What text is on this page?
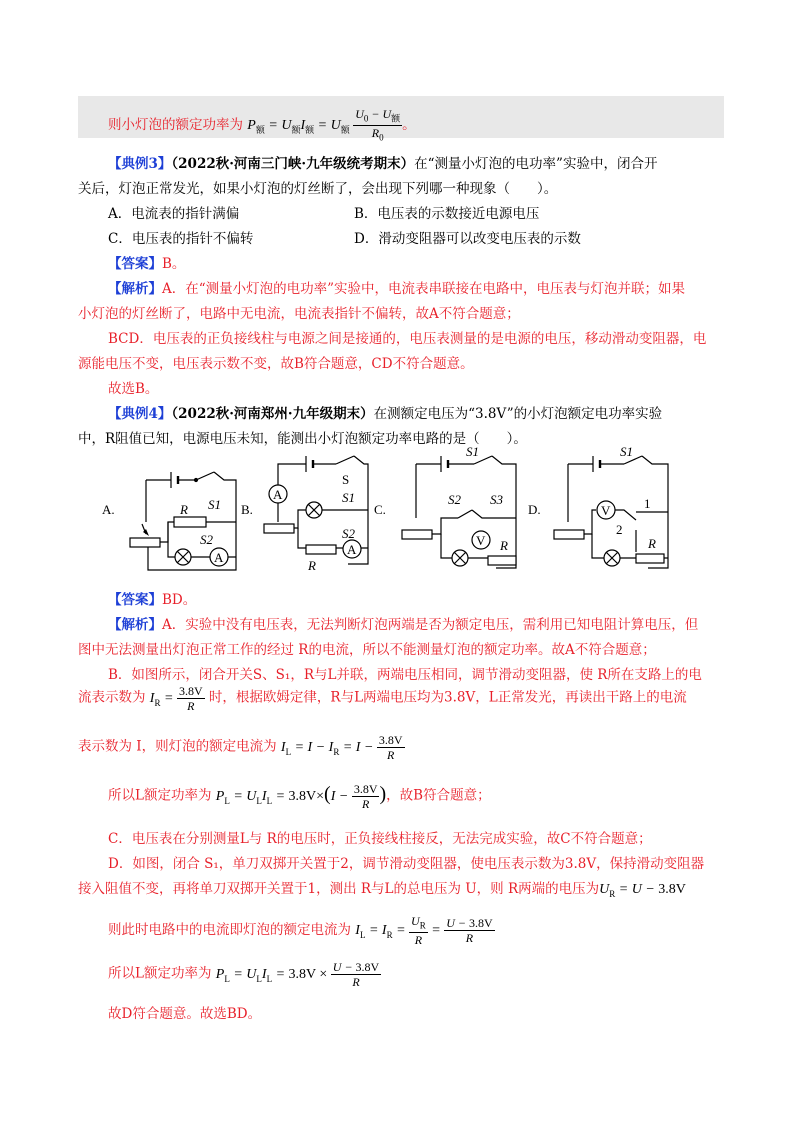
则小灯泡的额定功率为 $P_额 = U_额I_额 = U_额 \frac{U_0 - U_额}{R_0}$ 。
【典例3】（2022秋·河南三门峡·九年级统考期末）在“测量小灯泡的电功率”实验中，闭合开
关后，灯泡正常发光，如果小灯泡的灯丝断了，会出现下列哪一种现象（　　）。
A．电流表的指针满偏	B．电压表的示数接近电源电压
C．电压表的指针不偏转	D．滑动变阻器可以改变电压表的示数
【答案】B。
【解析】A．在“测量小灯泡的电功率”实验中，电流表串联接在电路中，电压表与灯泡并联；如果
小灯泡的灯丝断了，电路中无电流，电流表指针不偏转，故A不符合题意；
BCD．电压表的正负接线柱与电源之间是接通的，电压表测量的是电源的电压，移动滑动变阻器，电
源能电压不变，电压表示数不变，故B符合题意，CD不符合题意。
故选B。
【典例4】（2022秋·河南郑州·九年级期末）在测额定电压为“3.8V”的小灯泡额定电功率实验
中，R阻值已知，电源电压未知，能测出小灯泡额定功率电路的是（　　）。
A.	B.	C.	D.
R
A
S1
S2
A
S
R
A
S1
S2
S1
S2 S3
V R
S1
V	1
2
R
【答案】BD。
【解析】A．实验中没有电压表，无法判断灯泡两端是否为额定电压，需利用已知电阻计算电压，但
图中无法测量出灯泡正常工作的经过 R的电流，所以不能测量灯泡的额定功率。故A不符合题意；
B．如图所示，闭合开关S、S₁，R与L并联，两端电压相同，调节滑动变阻器，使 R所在支路上的电
流表示数为 $I_R = \frac{3.8V}{R}$ 时，根据欧姆定律，R与L两端电压均为3.8V，L正常发光，再读出干路上的电流
表示数为 I，则灯泡的额定电流为 $I_L = I - I_R = I - \frac{3.8V}{R}$
所以L额定功率为 $P_L = U_LI_L = 3.8V\times(I - \frac{3.8V}{R}$ )，故B符合题意；
C．电压表在分别测量L与 R的电压时，正负接线柱接反，无法完成实验，故C不符合题意；
D．如图，闭合 S₁，单刀双掷开关置于2，调节滑动变阻器，使电压表示数为3.8V，保持滑动变阻器
接入阻值不变，再将单刀双掷开关置于1，测出 R与L的总电压为 U，则 R两端的电压为$U_R = U - 3.8V$
则此时电路中的电流即灯泡的额定电流为 $I_L = I_R = \frac{U_R}{R} = \frac{U - 3.8V}{R}$
所以L额定功率为 $P_L = U_LI_L = 3.8V \times \frac{U - 3.8V}{R}$
故D符合题意。故选BD。
